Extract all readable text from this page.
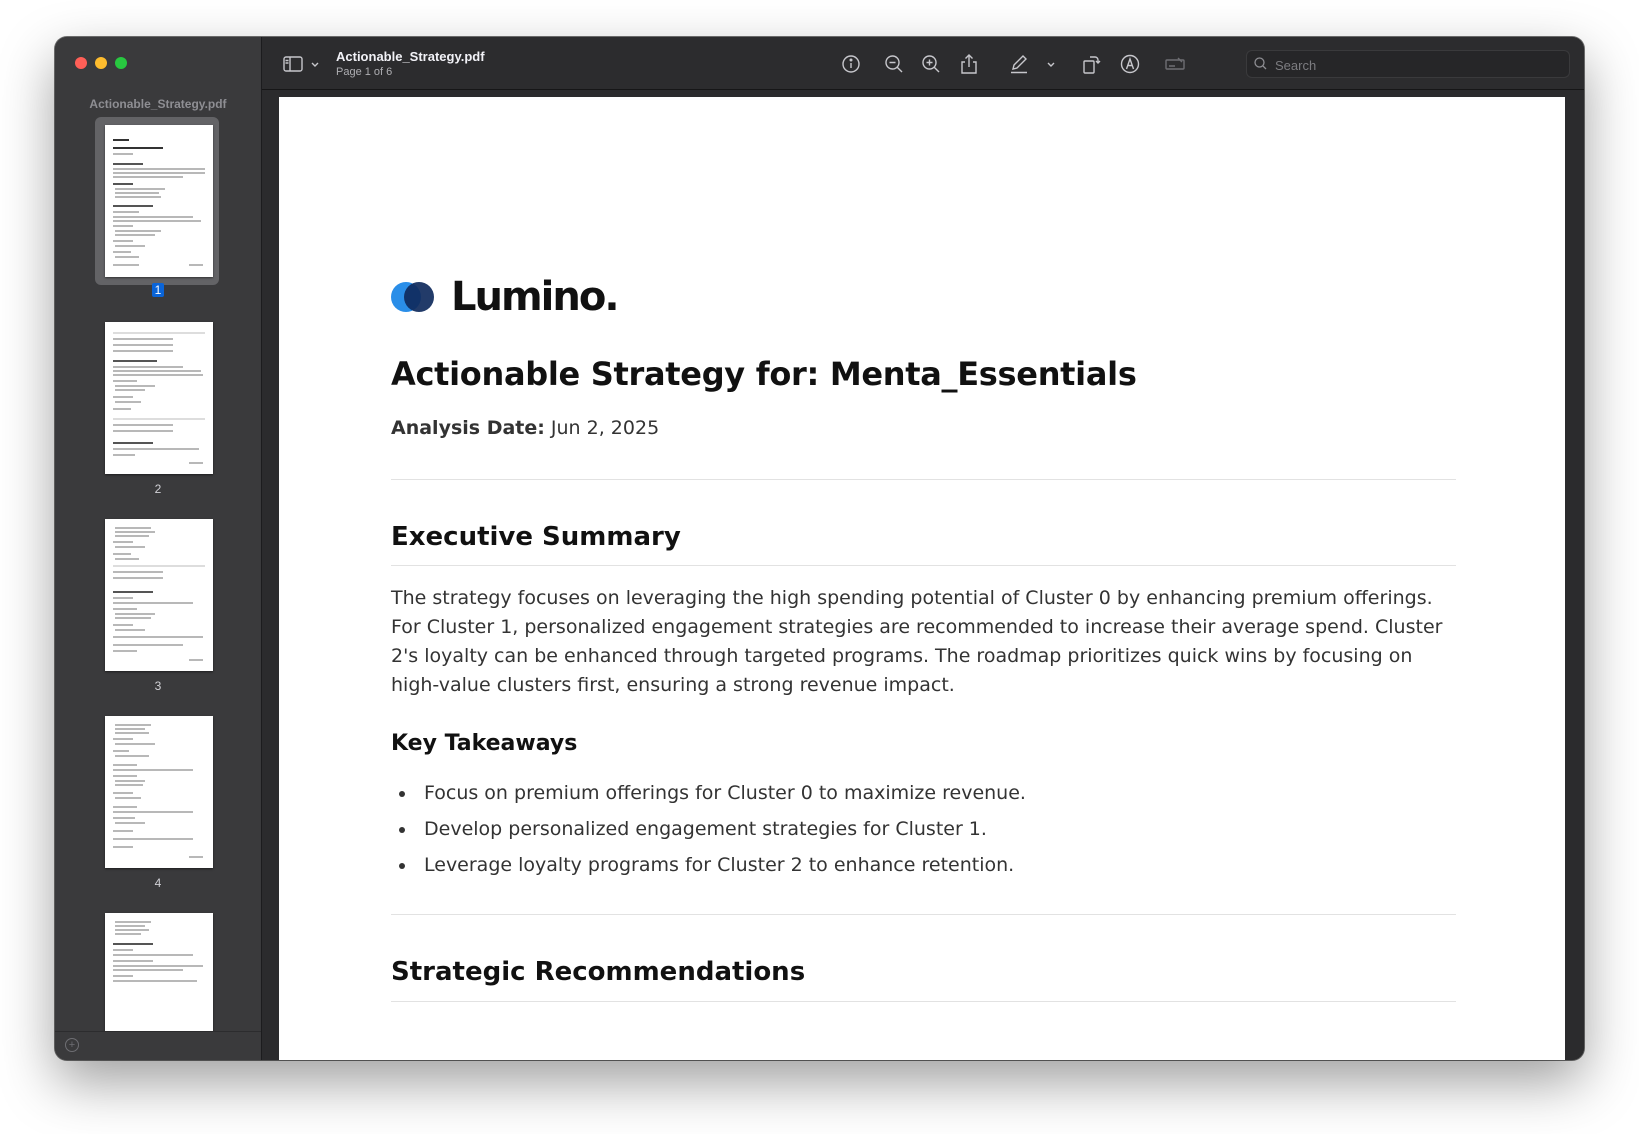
Actionable_Strategy.pdf
1
2
3
4
+
Actionable_Strategy.pdf
Page 1 of 6
Search
Lumino.
Actionable Strategy for: Menta_Essentials
Analysis Date: Jun 2, 2025
Executive Summary
The strategy focuses on leveraging the high spending potential of Cluster 0 by enhancing premium offerings. For Cluster 1, personalized engagement strategies are recommended to increase their average spend. Cluster 2's loyalty can be enhanced through targeted programs. The roadmap prioritizes quick wins by focusing on high-value clusters first, ensuring a strong revenue impact.
Key Takeaways
Focus on premium offerings for Cluster 0 to maximize revenue.
Develop personalized engagement strategies for Cluster 1.
Leverage loyalty programs for Cluster 2 to enhance retention.
Strategic Recommendations
